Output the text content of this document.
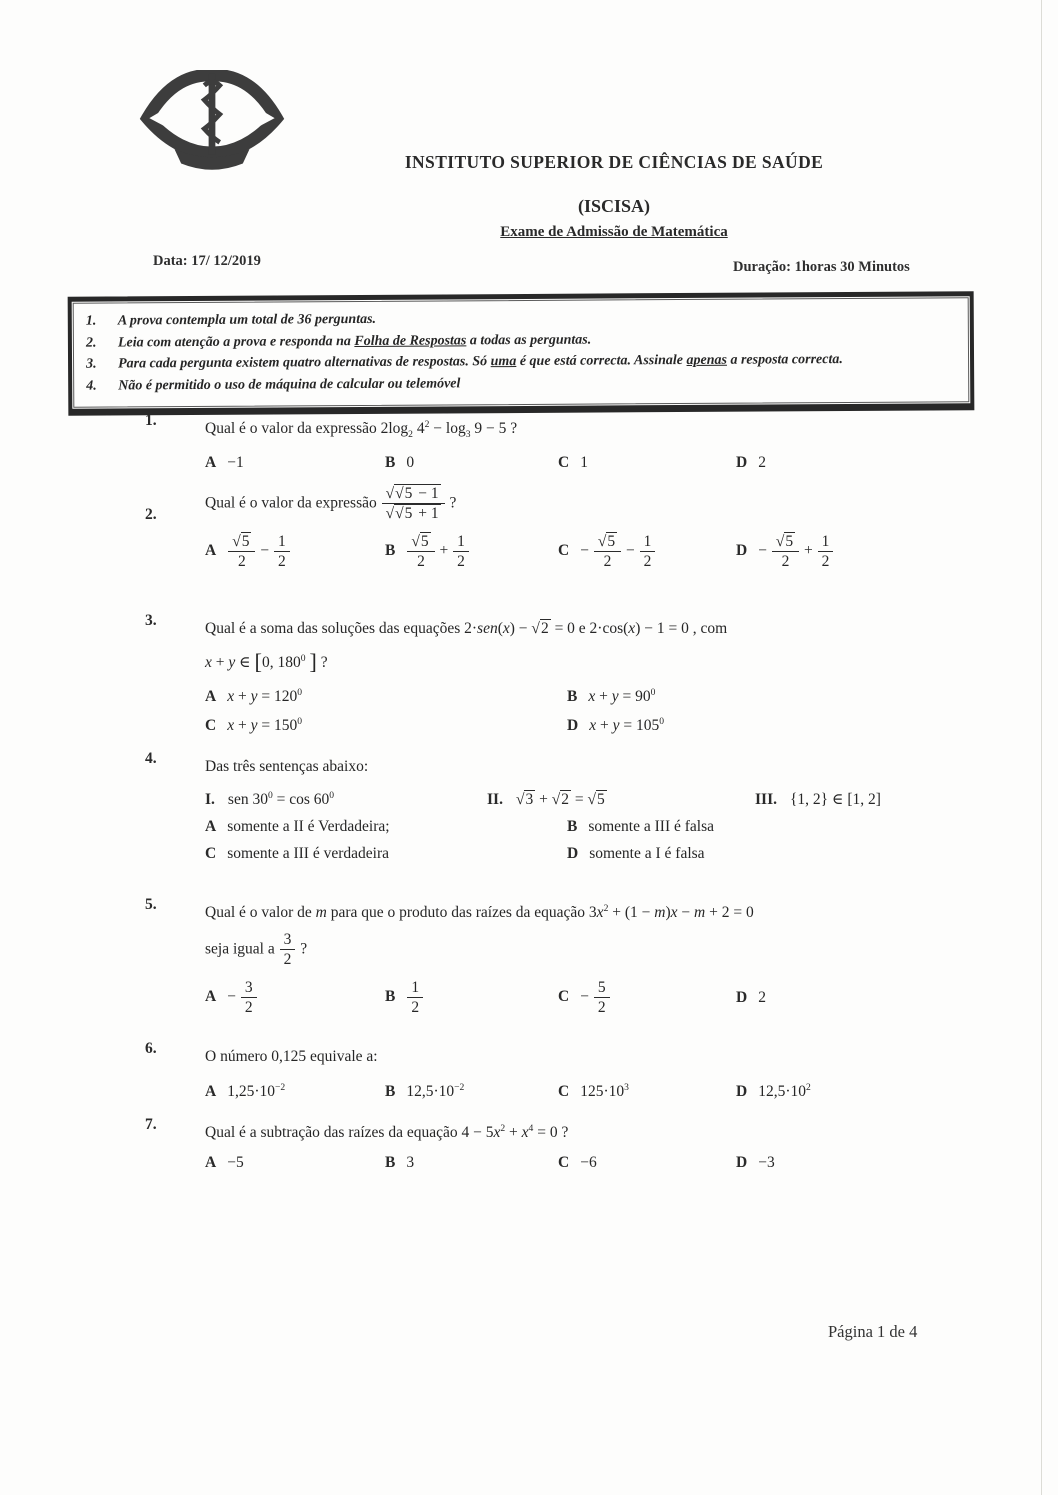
INSTITUTO SUPERIOR DE CIÊNCIAS DE SAÚDE
(ISCISA)
Exame de Admissão de Matemática
Data: 17/ 12/2019	Duração: 1horas 30 Minutos
1.	A prova contempla um total de 36 perguntas.
2.	Leia com atenção a prova e responda na Folha de Respostas a todas as perguntas.
3.	Para cada pergunta existem quatro alternativas de respostas. Só uma é que está correcta. Assinale apenas a resposta correcta.
4.	Não é permitido o uso de máquina de calcular ou telemóvel
1.	Qual é o valor da expressão $2\log_2$ $4^2 - \log_3 9 - 5$ ?
A −1	B 0	C 1	D 2
2.
Qual é o valor da expressão $\frac{√√5 - 1}{√√5 + 1}$ ?
A $\frac{√5}{2} - \frac{1}{2}$	B $\frac{√5}{2} + \frac{1}{2}$	$C - \frac{√5}{2} - \frac{1}{2}$	$D - \frac{√5}{2} + \frac{1}{2}$
3.	Qual é a soma das soluções das equações 2·sen(x) − √2 = 0 e 2·cos(x) − 1 = 0 , com
x + y ∈ [0, $180^0$ ] ?
A $x + y = 120^0$	B $x + y = 90^0$
C $x + y = 150^0$	D $x + y = 105^0$
4.	Das três sentenças abaixo:
I. sen $30^0 = \cos 60^0$	II. √3 + √2 = √5	III. {1, 2} ∈ [1, 2]
A somente a II é Verdadeira;	B somente a III é falsa
C somente a III é verdadeira	D somente a I é falsa
5.	Qual é o valor de m para que o produto das raízes da equação $3x^2 + (1 - m)x - m + 2 = 0$
seja igual a $\frac{3}{2}$ ?
$A - \frac{3}{2}$	B $\frac{1}{2}$	$C - \frac{5}{2}$	D 2
6.	O número 0,125 equivale a:
A $1,25\cdot 10^{-2}$	B $12,5\cdot 10^{-2}$	C $125\cdot 10^3$	D $12,5\cdot 10^2$
7.	Qual é a subtração das raízes da equação $4 - 5x^2 + x^4 = 0$ ?
A −5	B 3	C −6	D −3
Página 1 de 4
